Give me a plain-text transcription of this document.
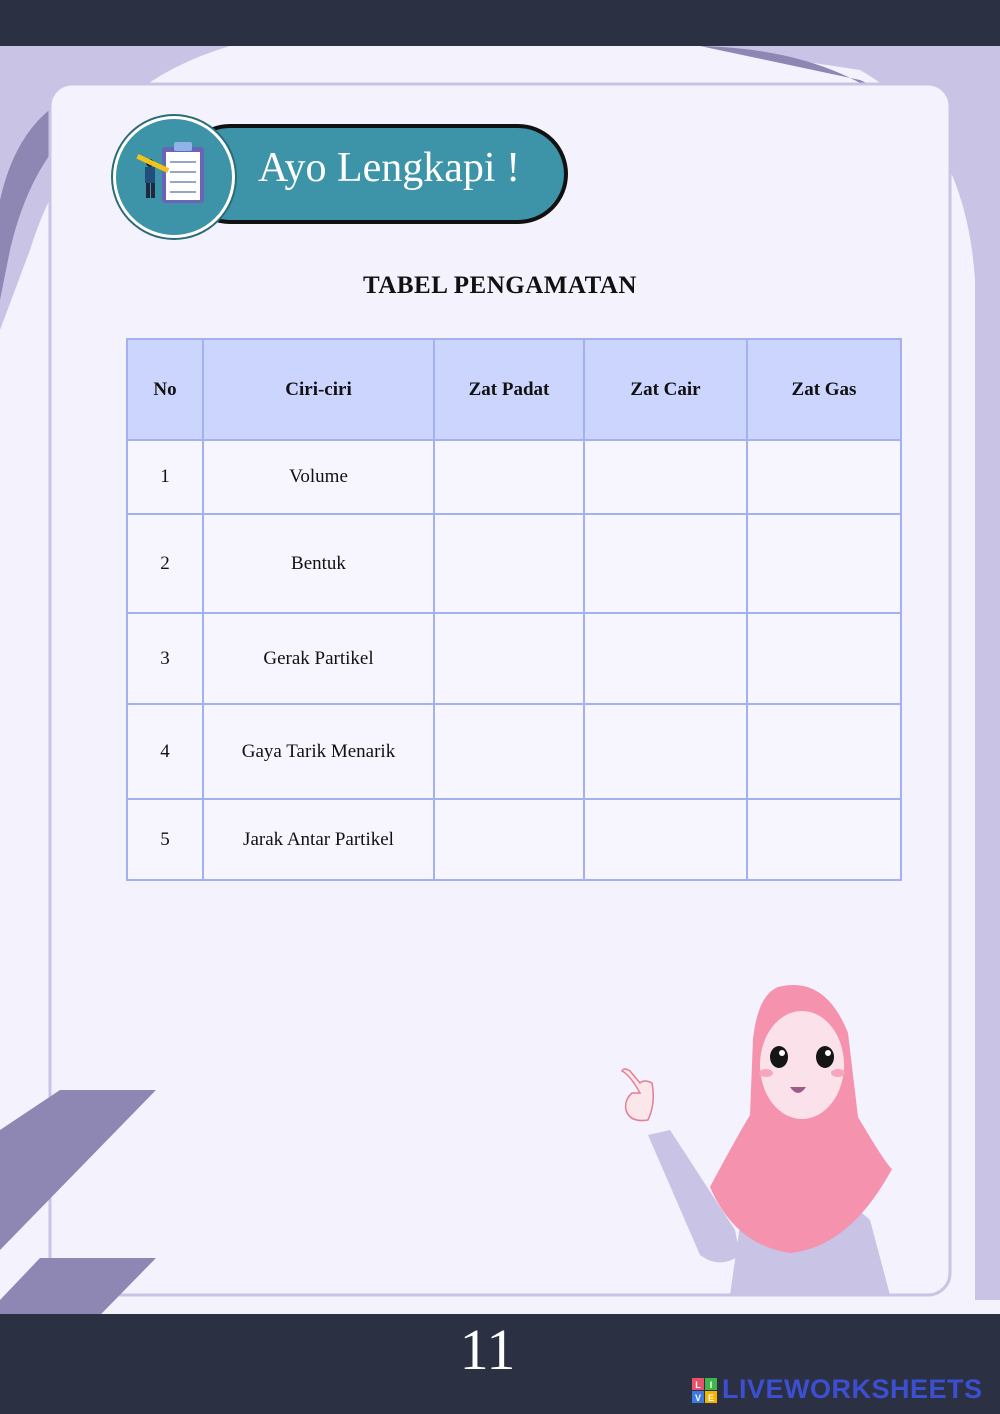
Ayo Lengkapi !
TABEL PENGAMATAN
No	Ciri-ciri	Zat Padat	Zat Cair	Zat Gas
1	Volume			
2	Bentuk			
3	Gerak Partikel			
4	Gaya Tarik Menarik			
5	Jarak Antar Partikel			
11
L I
V E LIVEWORKSHEETS
